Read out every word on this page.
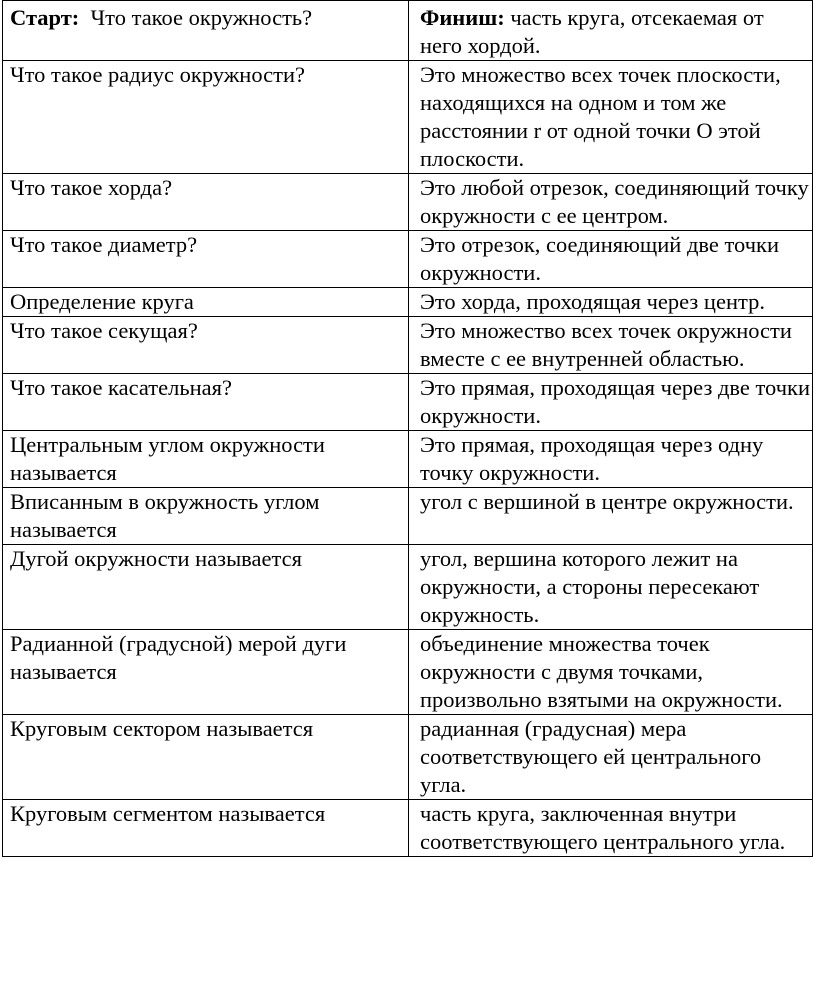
Старт: Что такое окружность?	Финиш: часть круга, отсекаемая от него хордой.
Что такое радиус окружности?	Это множество всех точек плоскости, находящихся на одном и том же расстоянии r от одной точки О этой плоскости.
Что такое хорда?	Это любой отрезок, соединяющий точку окружности с ее центром.
Что такое диаметр?	Это отрезок, соединяющий две точки окружности.
Определение круга	Это хорда, проходящая через центр.
Что такое секущая?	Это множество всех точек окружности вместе с ее внутренней областью.
Что такое касательная?	Это прямая, проходящая через две точки окружности.
Центральным углом окружности называется	Это прямая, проходящая через одну точку окружности.
Вписанным в окружность углом называется	угол с вершиной в центре окружности.
Дугой окружности называется	угол, вершина которого лежит на окружности, а стороны пересекают окружность.
Радианной (градусной) мерой дуги называется	объединение множества точек окружности с двумя точками, произвольно взятыми на окружности.
Круговым сектором называется	радианная (градусная) мера соответствующего ей центрального угла.
Круговым сегментом называется	часть круга, заключенная внутри соответствующего центрального угла.
